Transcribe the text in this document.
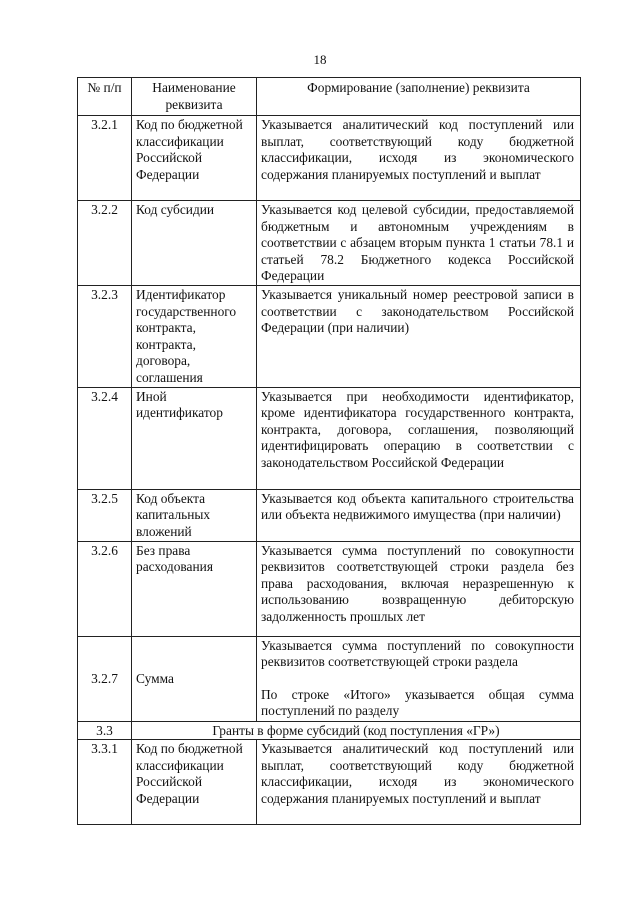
18
№ п/п	Наименование реквизита	Формирование (заполнение) реквизита
3.2.1	Код по бюджетной классификации Российской Федерации	Указывается аналитический код поступлений или выплат, соответствующий коду бюджетной классификации, исходя из экономического содержания планируемых поступлений и выплат
3.2.2	Код субсидии	Указывается код целевой субсидии, предоставляемой бюджетным и автономным учреждениям в соответствии с абзацем вторым пункта 1 статьи 78.1 и статьей 78.2 Бюджетного кодекса Российской Федерации
3.2.3	Идентификатор государственного контракта, контракта, договора, соглашения	Указывается уникальный номер реестровой записи в соответствии с законодательством Российской Федерации (при наличии)
3.2.4	Иной идентификатор	Указывается при необходимости идентификатор, кроме идентификатора государственного контракта, контракта, договора, соглашения, позволяющий идентифицировать операцию в соответствии с законодательством Российской Федерации
3.2.5	Код объекта капитальных вложений	Указывается код объекта капитального строительства или объекта недвижимого имущества (при наличии)
3.2.6	Без права расходования	Указывается сумма поступлений по совокупности реквизитов соответствующей строки раздела без права расходования, включая неразрешенную к использованию возвращенную дебиторскую задолженность прошлых лет
3.2.7	Сумма	Указывается сумма поступлений по совокупности реквизитов соответствующей строки раздела

По строке «Итого» указывается общая сумма поступлений по разделу

3.3	Гранты в форме субсидий (код поступления «ГР»)	
3.3.1	Код по бюджетной классификации Российской Федерации	Указывается аналитический код поступлений или выплат, соответствующий коду бюджетной классификации, исходя из экономического содержания планируемых поступлений и выплат
